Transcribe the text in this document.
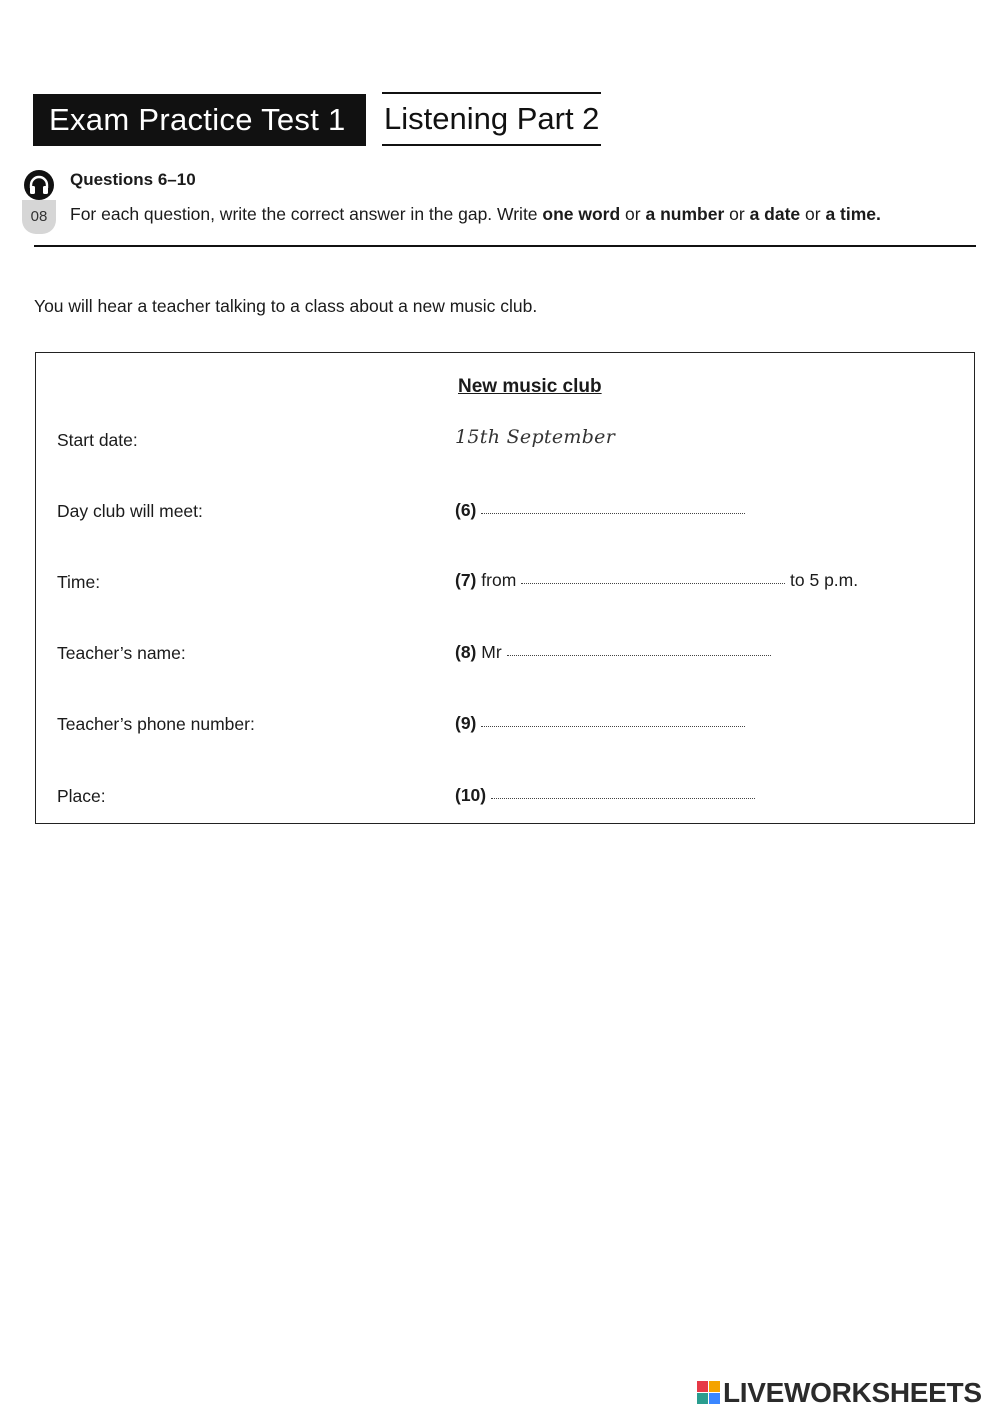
Exam Practice Test 1	Listening Part 2
08
Questions 6–10
For each question, write the correct answer in the gap. Write one word or a number or a date or a time.
You will hear a teacher talking to a class about a new music club.
New music club
Start date:	15th September
Day club will meet:	(6)
Time:	(7) from	to 5 p.m.
Teacher’s name:	(8) Mr
Teacher’s phone number:	(9)
Place:	(10)
LIVEWORKSHEETS
